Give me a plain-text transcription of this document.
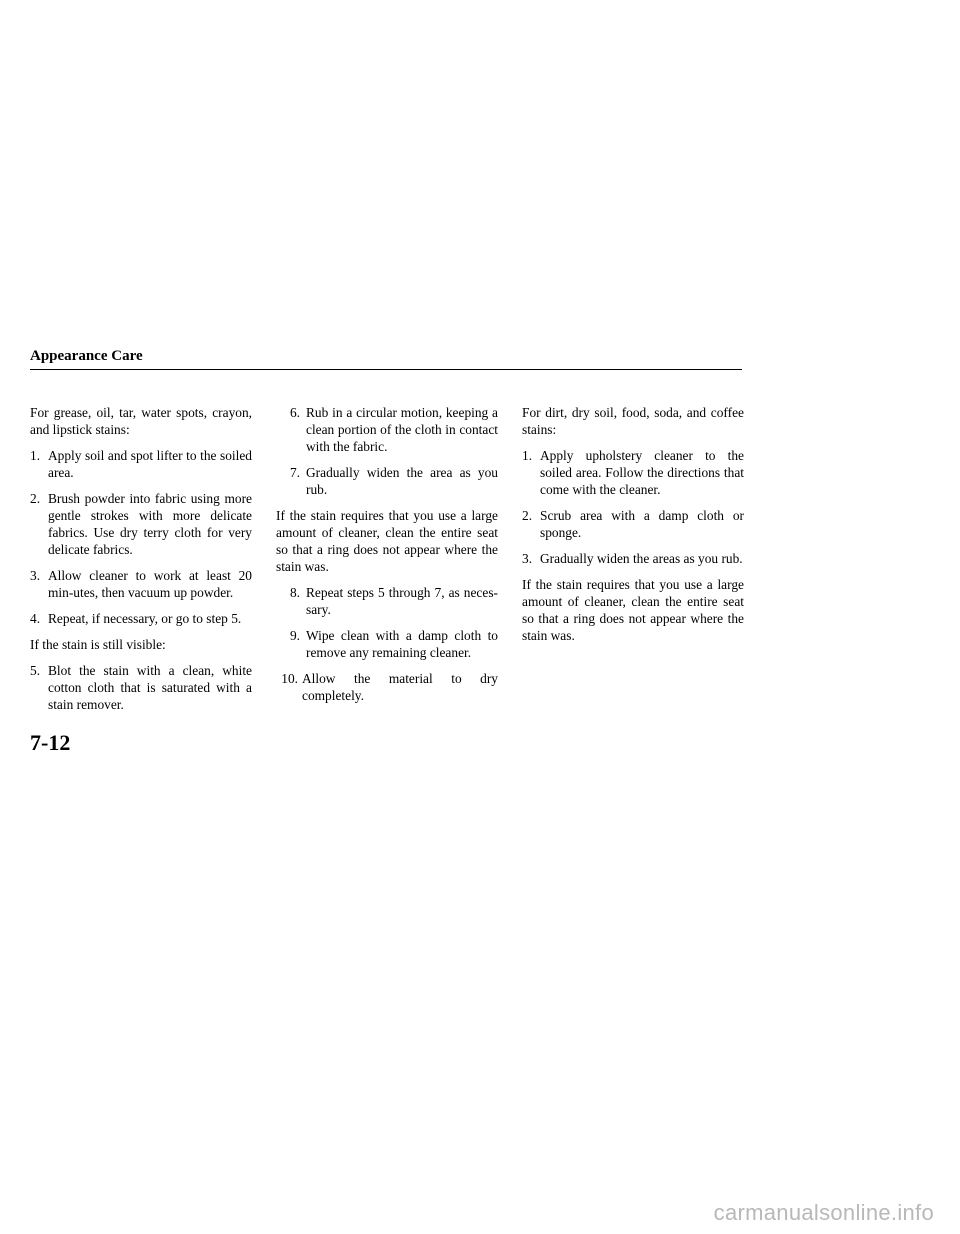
Appearance Care

For grease, oil, tar, water spots, crayon, and lipstick stains:

1. Apply soil and spot lifter to the soiled area.
2. Brush powder into fabric using more gentle strokes with more delicate fabrics. Use dry terry cloth for very delicate fabrics.
3. Allow cleaner to work at least 20 min-utes, then vacuum up powder.
4. Repeat, if necessary, or go to step 5.

If the stain is still visible:

5. Blot the stain with a clean, white cotton cloth that is saturated with a stain remover.
6. Rub in a circular motion, keeping a clean portion of the cloth in contact with the fabric.
7. Gradually widen the area as you rub.

If the stain requires that you use a large amount of cleaner, clean the entire seat so that a ring does not appear where the stain was.

8. Repeat steps 5 through 7, as neces-sary.
9. Wipe clean with a damp cloth to remove any remaining cleaner.
10. Allow the material to dry completely.

For dirt, dry soil, food, soda, and coffee stains:

1. Apply upholstery cleaner to the soiled area. Follow the directions that come with the cleaner.
2. Scrub area with a damp cloth or sponge.
3. Gradually widen the areas as you rub.

If the stain requires that you use a large amount of cleaner, clean the entire seat so that a ring does not appear where the stain was.

7-12
carmanualsonline.info
